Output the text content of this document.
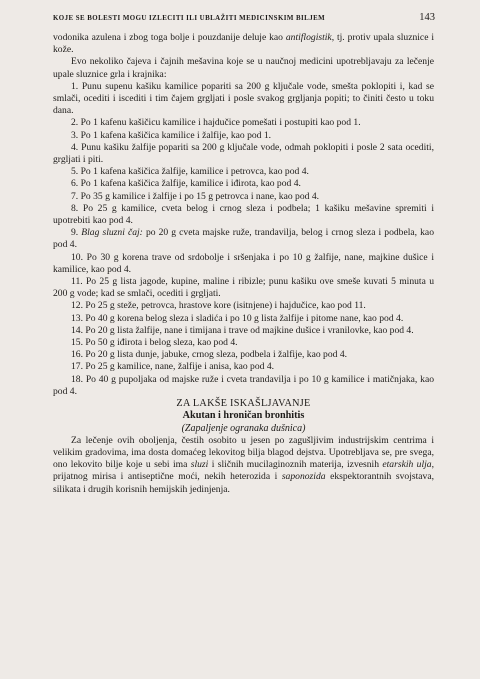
KOJE SE BOLESTI MOGU IZLECITI ILI UBLAŽITI MEDICINSKIM BILJEM	143

vodonika azulena i zbog toga bolje i pouzdanije deluje kao antiflogistik, tj. protiv upala sluznice i kože.

Evo nekoliko čajeva i čajnih mešavina koje se u naučnoj medicini upotrebljavaju za lečenje upale sluznice grla i krajnika:

1. Punu supenu kašiku kamilice popariti sa 200 g ključale vode, smešta poklopiti i, kad se smlači, ocediti i iscediti i tim čajem grgljati i posle svakog grgljanja popiti; to činiti često u toku dana.

2. Po 1 kafenu kašičicu kamilice i hajdučice pomešati i postupiti kao pod 1.

3. Po 1 kafena kašičica kamilice i žalfije, kao pod 1.

4. Punu kašiku žalfije popariti sa 200 g ključale vode, odmah poklopiti i posle 2 sata ocediti, grgljati i piti.

5. Po 1 kafena kašičica žalfije, kamilice i petrovca, kao pod 4.

6. Po 1 kafena kašičica žalfije, kamilice i iđirota, kao pod 4.

7. Po 35 g kamilice i žalfije i po 15 g petrovca i nane, kao pod 4.

8. Po 25 g kamilice, cveta belog i crnog sleza i podbela; 1 kašiku mešavine spremiti i upotrebiti kao pod 4.

9. Blag sluzni čaj: po 20 g cveta majske ruže, trandavilja, belog i crnog sleza i podbela, kao pod 4.

10. Po 30 g korena trave od srdobolje i sršenjaka i po 10 g žalfije, nane, majkine dušice i kamilice, kao pod 4.

11. Po 25 g lista jagode, kupine, maline i ribizle; punu kašiku ove smeše kuvati 5 minuta u 200 g vode; kad se smlači, ocediti i grgljati.

12. Po 25 g steže, petrovca, hrastove kore (isitnjene) i hajdučice, kao pod 11.

13. Po 40 g korena belog sleza i sladića i po 10 g lista žalfije i pitome nane, kao pod 4.

14. Po 20 g lista žalfije, nane i timijana i trave od majkine dušice i vranilovke, kao pod 4.

15. Po 50 g iđirota i belog sleza, kao pod 4.

16. Po 20 g lista dunje, jabuke, crnog sleza, podbela i žalfije, kao pod 4.

17. Po 25 g kamilice, nane, žalfije i anisa, kao pod 4.

18. Po 40 g pupoljaka od majske ruže i cveta trandavilja i po 10 g kamilice i matičnjaka, kao pod 4.

ZA LAKŠE ISKAŠLJAVANJE

Akutan i hroničan bronhitis

(Zapaljenje ogranaka dušnica)

Za lečenje ovih oboljenja, čestih osobito u jesen po zagušljivim industrijskim centrima i velikim gradovima, ima dosta domaćeg lekovitog bilja blagod dejstva. Upotrebljava se, pre svega, ono lekovito bilje koje u sebi ima sluzi i sličnih mucilaginoznih materija, izvesnih etarskih ulja, prijatnog mirisa i antiseptične moći, nekih heterozida i saponozida ekspektorantnih svojstava, silikata i drugih korisnih hemijskih jedinjenja.
